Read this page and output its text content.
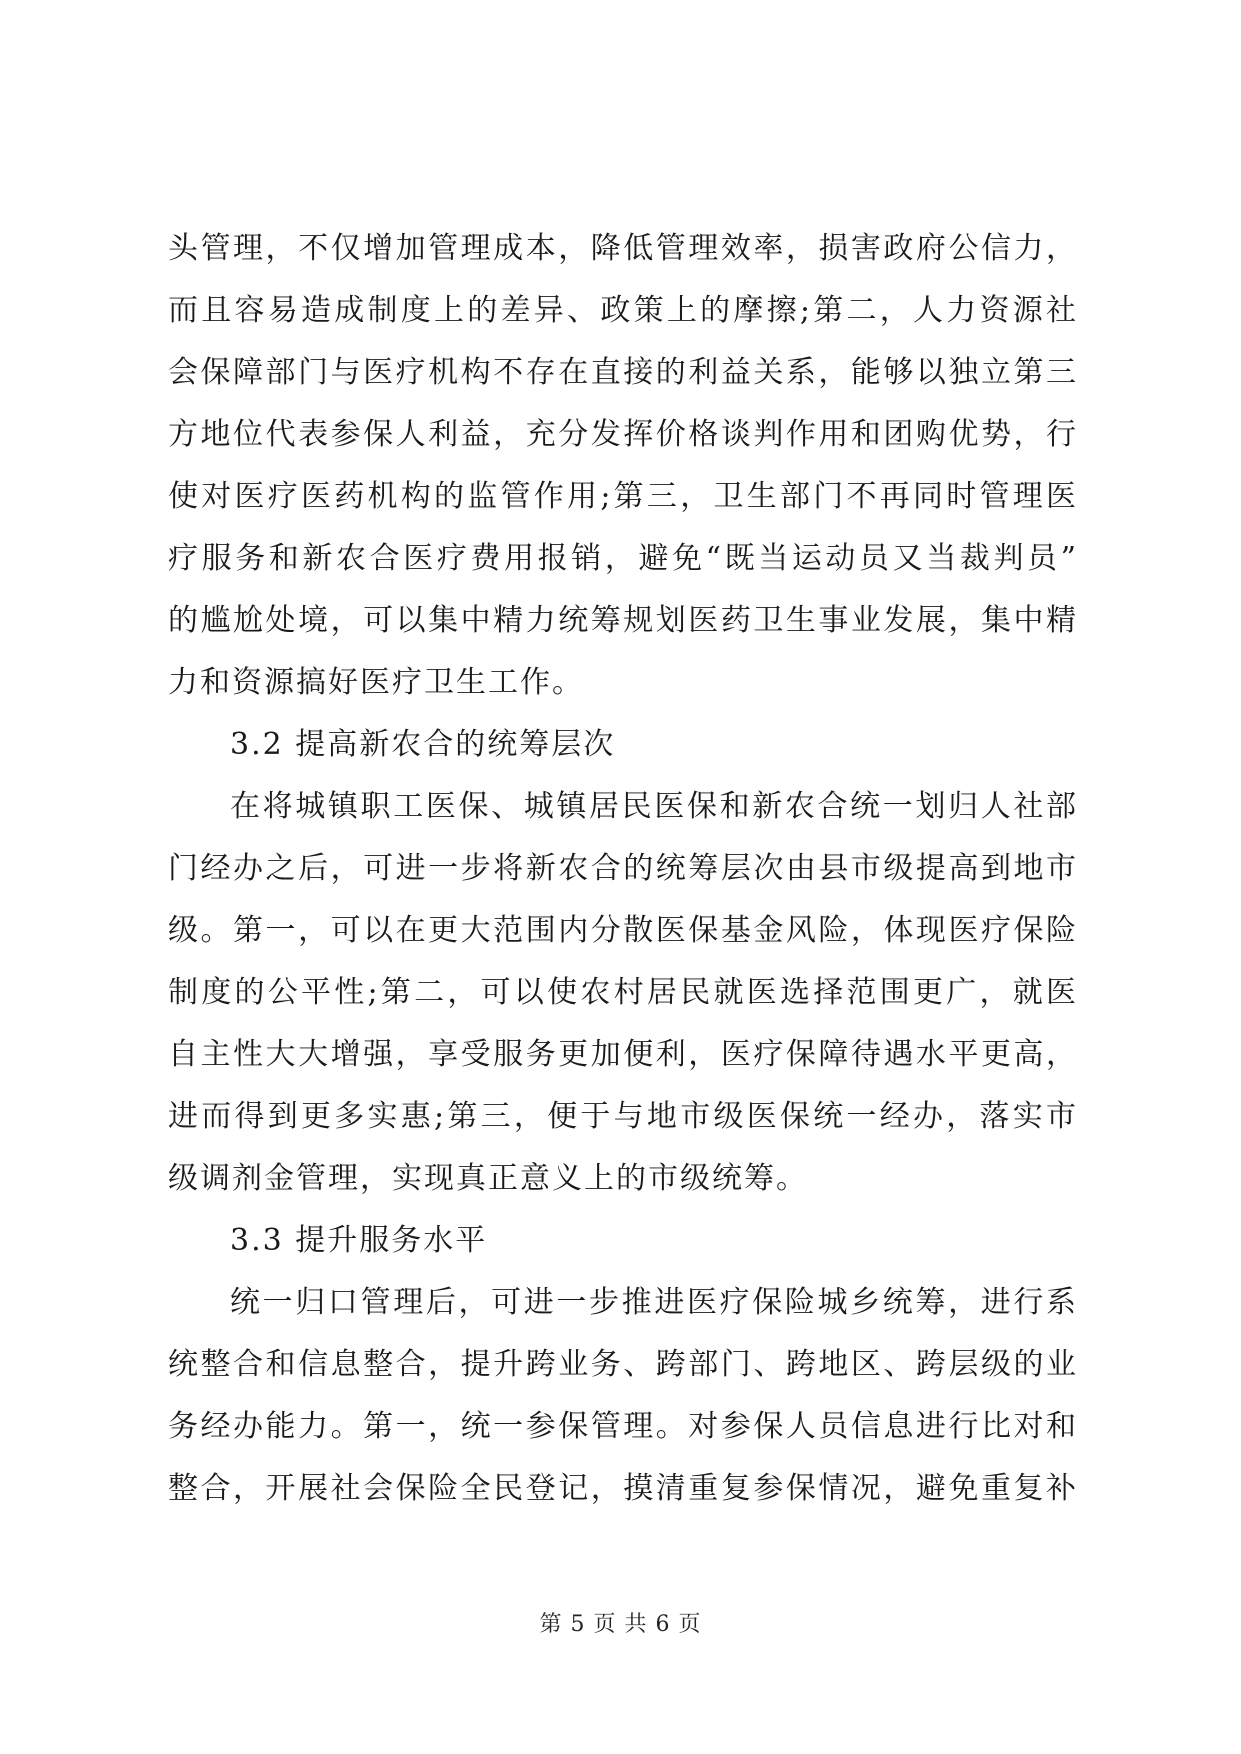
头管理，不仅增加管理成本，降低管理效率，损害政府公信力，
而且容易造成制度上的差异、政策上的摩擦;第二，人力资源社
会保障部门与医疗机构不存在直接的利益关系，能够以独立第三
方地位代表参保人利益，充分发挥价格谈判作用和团购优势，行
使对医疗医药机构的监管作用;第三，卫生部门不再同时管理医
疗服务和新农合医疗费用报销，避免“既当运动员又当裁判员”
的尴尬处境，可以集中精力统筹规划医药卫生事业发展，集中精
力和资源搞好医疗卫生工作。
3.2 提高新农合的统筹层次
在将城镇职工医保、城镇居民医保和新农合统一划归人社部
门经办之后，可进一步将新农合的统筹层次由县市级提高到地市
级。第一，可以在更大范围内分散医保基金风险，体现医疗保险
制度的公平性;第二，可以使农村居民就医选择范围更广，就医
自主性大大增强，享受服务更加便利，医疗保障待遇水平更高，
进而得到更多实惠;第三，便于与地市级医保统一经办，落实市
级调剂金管理，实现真正意义上的市级统筹。
3.3 提升服务水平
统一归口管理后，可进一步推进医疗保险城乡统筹，进行系
统整合和信息整合，提升跨业务、跨部门、跨地区、跨层级的业
务经办能力。第一，统一参保管理。对参保人员信息进行比对和
整合，开展社会保险全民登记，摸清重复参保情况，避免重复补
第 5 页 共 6 页
